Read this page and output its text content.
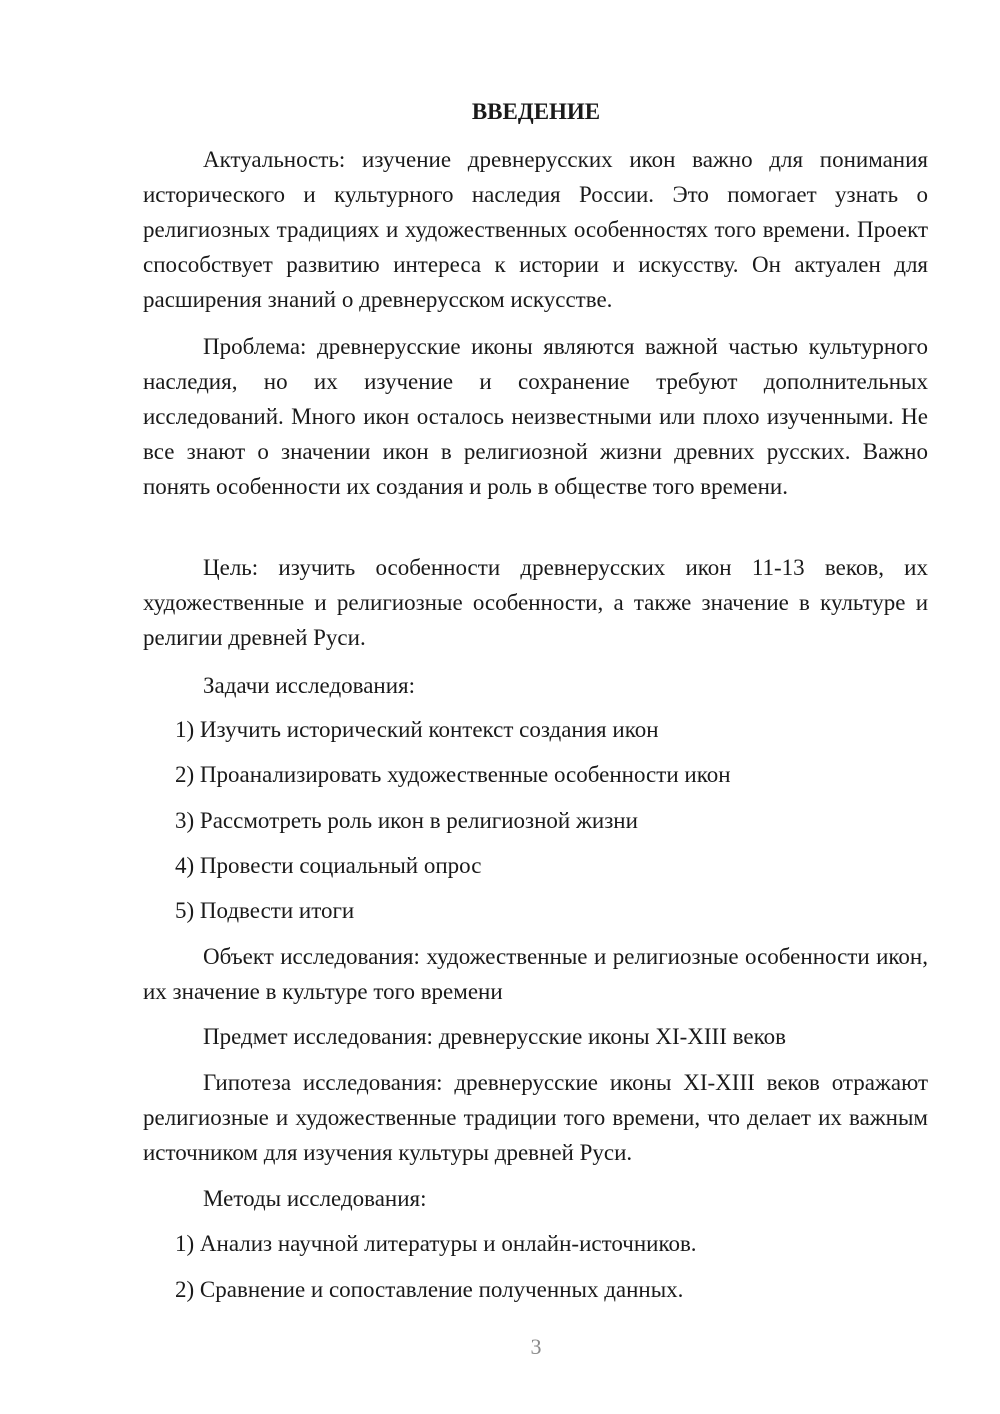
ВВЕДЕНИЕ

Актуальность: изучение древнерусских икон важно для понимания исторического и культурного наследия России. Это помогает узнать о религиозных традициях и художественных особенностях того времени. Проект способствует развитию интереса к истории и искусству. Он актуален для расширения знаний о древнерусском искусстве.

Проблема: древнерусские иконы являются важной частью культурного наследия, но их изучение и сохранение требуют дополнительных исследований. Много икон осталось неизвестными или плохо изученными. Не все знают о значении икон в религиозной жизни древних русских. Важно понять особенности их создания и роль в обществе того времени.

Цель: изучить особенности древнерусских икон 11-13 веков, их художественные и религиозные особенности, а также значение в культуре и религии древней Руси.

Задачи исследования:

1) Изучить исторический контекст создания икон

2) Проанализировать художественные особенности икон

3) Рассмотреть роль икон в религиозной жизни

4) Провести социальный опрос

5) Подвести итоги

Объект исследования: художественные и религиозные особенности икон, их значение в культуре того времени

Предмет исследования: древнерусские иконы XI-XIII веков

Гипотеза исследования: древнерусские иконы XI-XIII веков отражают религиозные и художественные традиции того времени, что делает их важным источником для изучения культуры древней Руси.

Методы исследования:

1) Анализ научной литературы и онлайн-источников.

2) Сравнение и сопоставление полученных данных.

3
